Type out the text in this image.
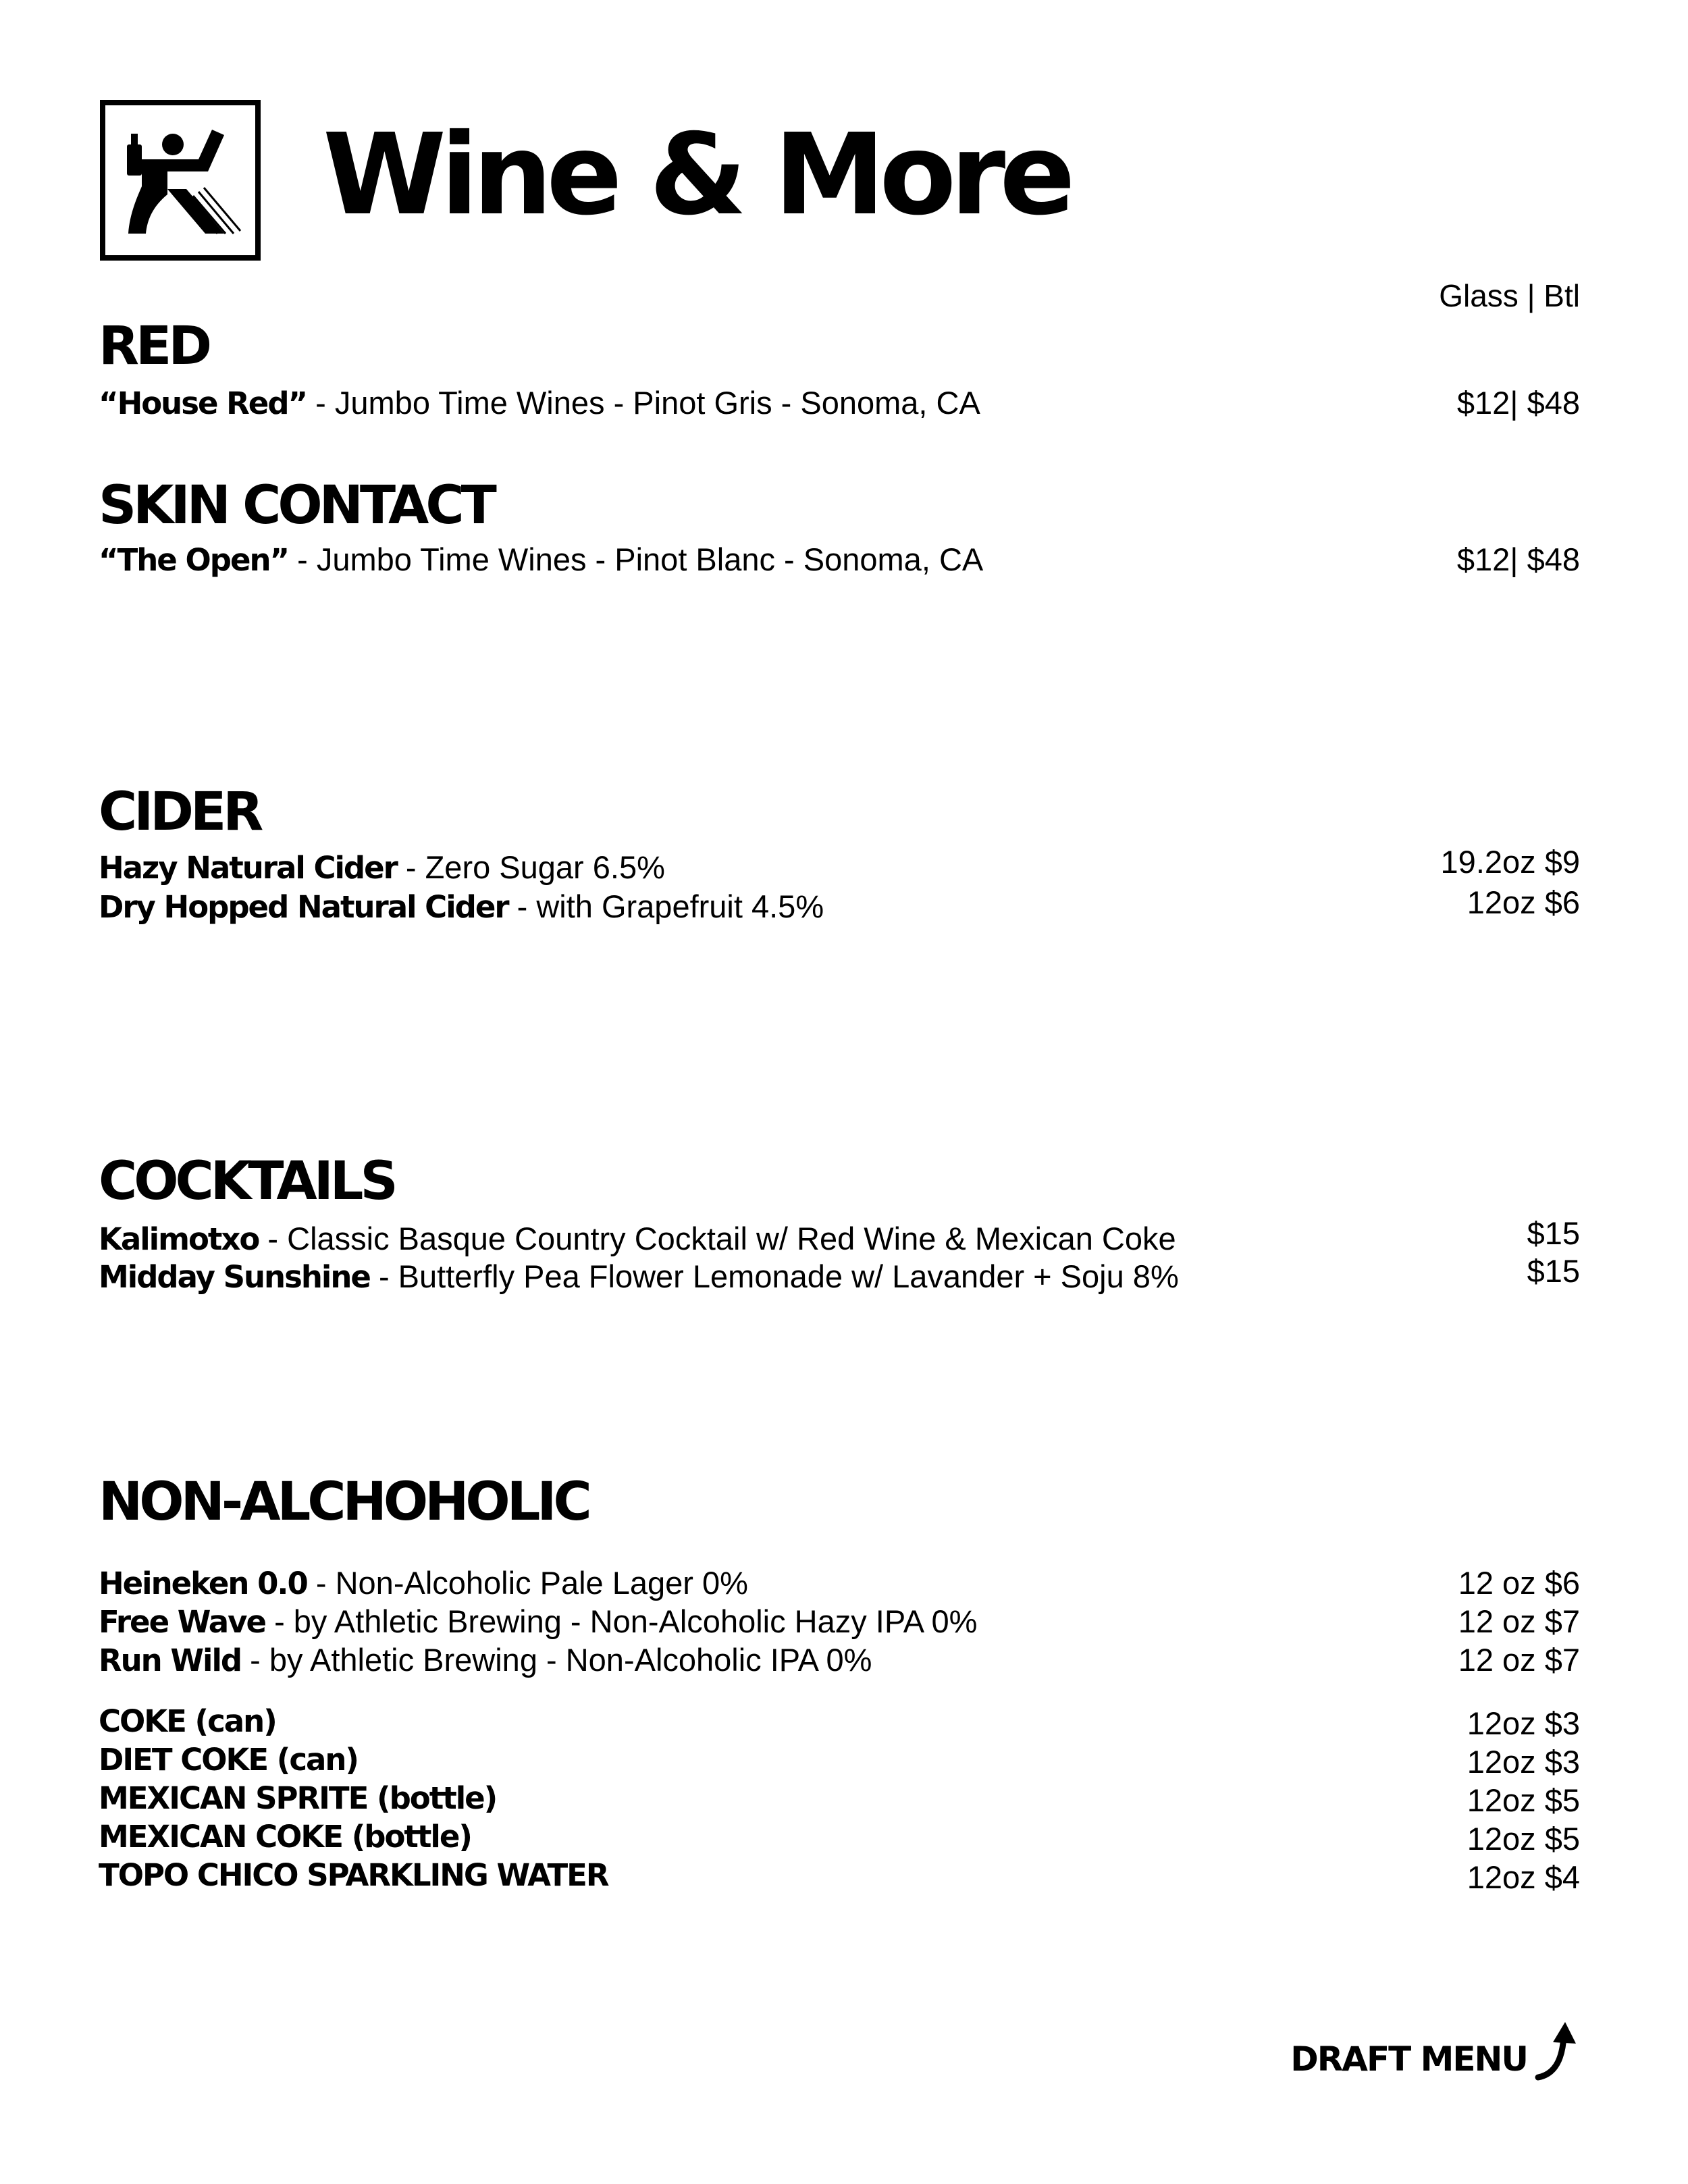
Wine & More
Glass | Btl
RED
“House Red” - Jumbo Time Wines - Pinot Gris - Sonoma, CA	$12| $48
SKIN CONTACT
“The Open” - Jumbo Time Wines - Pinot Blanc - Sonoma, CA	$12| $48
CIDER
Hazy Natural Cider - Zero Sugar 6.5%	19.2oz $9
Dry Hopped Natural Cider - with Grapefruit 4.5%	12oz $6
COCKTAILS
Kalimotxo - Classic Basque Country Cocktail w/ Red Wine & Mexican Coke	$15
Midday Sunshine - Butterfly Pea Flower Lemonade w/ Lavander + Soju 8%	$15
NON-ALCHOHOLIC
Heineken 0.0 - Non-Alcoholic Pale Lager 0%	12 oz $6
Free Wave - by Athletic Brewing - Non-Alcoholic Hazy IPA 0%	12 oz $7
Run Wild - by Athletic Brewing - Non-Alcoholic IPA 0%	12 oz $7
COKE (can)	12oz $3
DIET COKE (can)	12oz $3
MEXICAN SPRITE (bottle)	12oz $5
MEXICAN COKE (bottle)	12oz $5
TOPO CHICO SPARKLING WATER	12oz $4
DRAFT MENU
